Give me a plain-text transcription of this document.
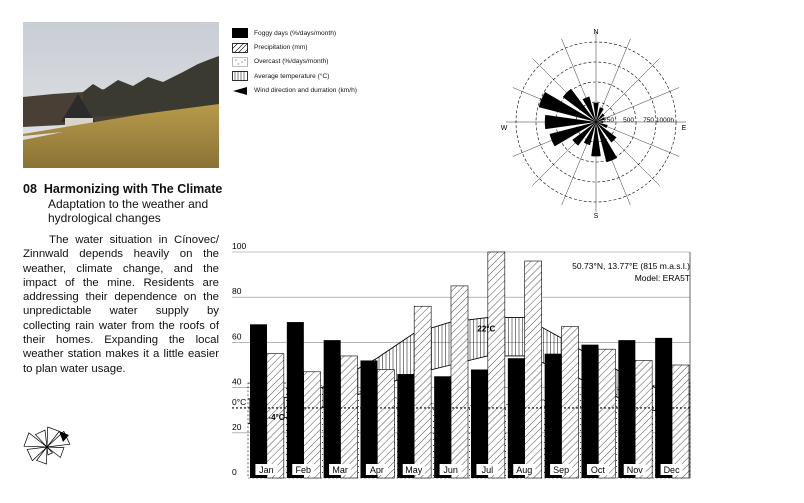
08 Harmonizing with The Climate
Adaptation to the weather and hydrological changes
The water situation in Cínovec/ Zinnwald depends heavily on the weather, climate change, and the impact of the mine. Residents are addressing their dependence on the unpredictable water supply by collecting rain water from the roofs of their homes. Expanding the local weather station makes it a little easier to plan water usage.
Foggy days (%/days/month)
Precipitation (mm)
Overcast (%/days/month)
Average temperature (°C)
Wind direction and durration (km/h)
N
E
S
W
250 500 750 1000h
0
20
40
60
80
100
Jan Feb Mar Apr May Jun	Jul	Aug Sep Oct Nov Dec
0°C
-4°C
22°C
50.73°N, 13.77°E (815 m.a.s.l.)
Model: ERA5T
